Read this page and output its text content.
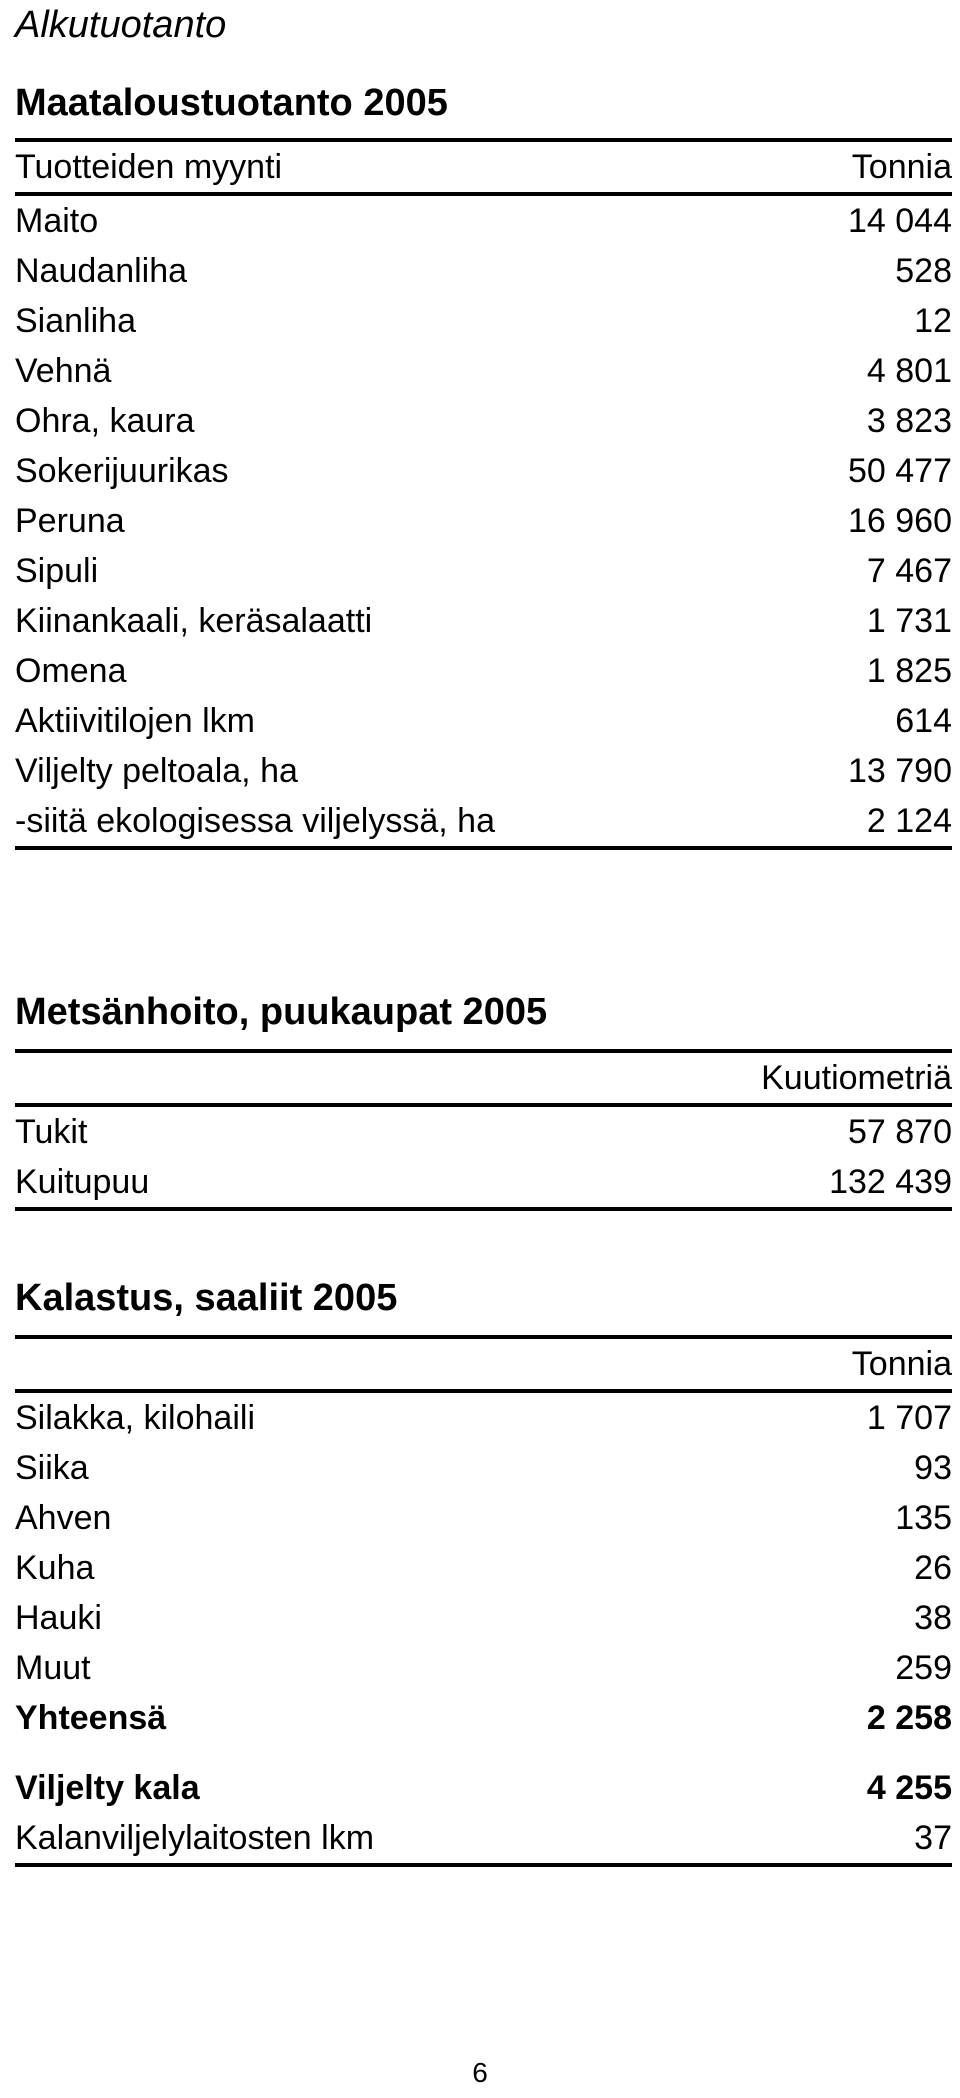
Alkutuotanto
Maataloustuotanto 2005
Tuotteiden myynti	Tonnia
Maito	14 044
Naudanliha	528
Sianliha	12
Vehnä	4 801
Ohra, kaura	3 823
Sokerijuurikas	50 477
Peruna	16 960
Sipuli	7 467
Kiinankaali, keräsalaatti	1 731
Omena	1 825
Aktiivitilojen lkm	614
Viljelty peltoala, ha	13 790
-siitä ekologisessa viljelyssä, ha	2 124
Metsänhoito, puukaupat 2005
Kuutiometriä
Tukit	57 870
Kuitupuu	132 439
Kalastus, saaliit 2005
Tonnia
Silakka, kilohaili	1 707
Siika	93
Ahven	135
Kuha	26
Hauki	38
Muut	259
Yhteensä	2 258
Viljelty kala	4 255
Kalanviljelylaitosten lkm	37
6
